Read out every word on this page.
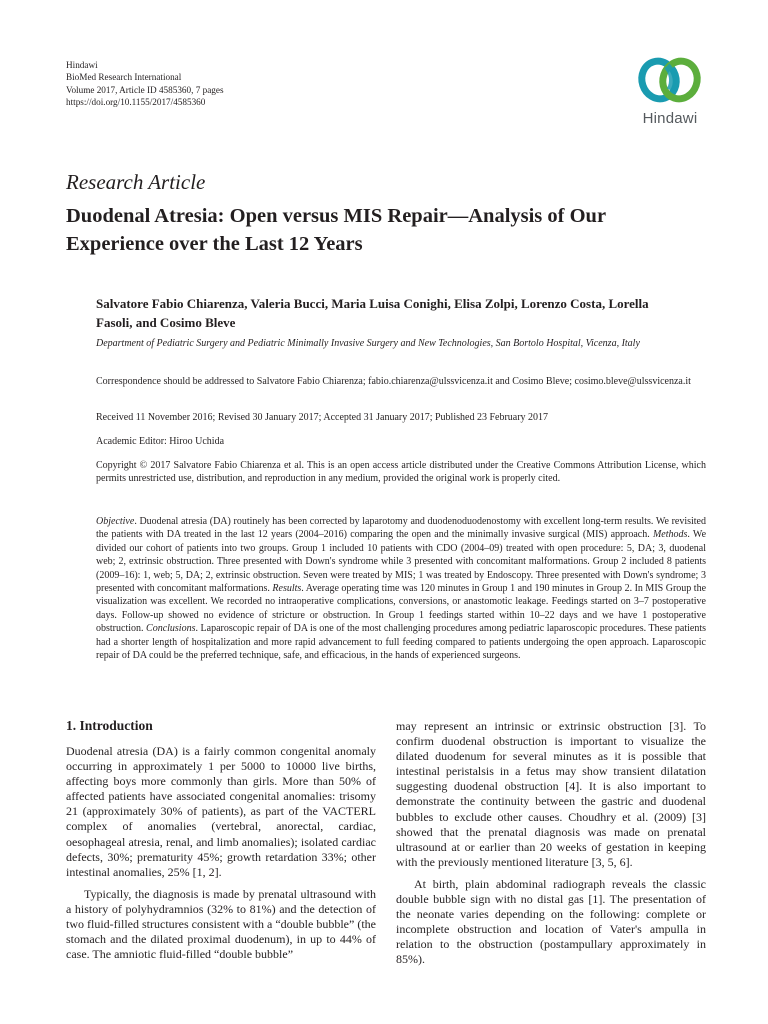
Hindawi
BioMed Research International
Volume 2017, Article ID 4585360, 7 pages
https://doi.org/10.1155/2017/4585360
Hindawi
Research Article
Duodenal Atresia: Open versus MIS Repair—Analysis of Our Experience over the Last 12 Years
Salvatore Fabio Chiarenza, Valeria Bucci, Maria Luisa Conighi, Elisa Zolpi, Lorenzo Costa, Lorella Fasoli, and Cosimo Bleve
Department of Pediatric Surgery and Pediatric Minimally Invasive Surgery and New Technologies, San Bortolo Hospital, Vicenza, Italy
Correspondence should be addressed to Salvatore Fabio Chiarenza; fabio.chiarenza@ulssvicenza.it and Cosimo Bleve; cosimo.bleve@ulssvicenza.it
Received 11 November 2016; Revised 30 January 2017; Accepted 31 January 2017; Published 23 February 2017
Academic Editor: Hiroo Uchida
Copyright © 2017 Salvatore Fabio Chiarenza et al. This is an open access article distributed under the Creative Commons Attribution License, which permits unrestricted use, distribution, and reproduction in any medium, provided the original work is properly cited.
Objective. Duodenal atresia (DA) routinely has been corrected by laparotomy and duodenoduodenostomy with excellent long-term results. We revisited the patients with DA treated in the last 12 years (2004–2016) comparing the open and the minimally invasive surgical (MIS) approach. Methods. We divided our cohort of patients into two groups. Group 1 included 10 patients with CDO (2004–09) treated with open procedure: 5, DA; 3, duodenal web; 2, extrinsic obstruction. Three presented with Down's syndrome while 3 presented with concomitant malformations. Group 2 included 8 patients (2009–16): 1, web; 5, DA; 2, extrinsic obstruction. Seven were treated by MIS; 1 was treated by Endoscopy. Three presented with Down's syndrome; 3 presented with concomitant malformations. Results. Average operating time was 120 minutes in Group 1 and 190 minutes in Group 2. In MIS Group the visualization was excellent. We recorded no intraoperative complications, conversions, or anastomotic leakage. Feedings started on 3–7 postoperative days. Follow-up showed no evidence of stricture or obstruction. In Group 1 feedings started within 10–22 days and we have 1 postoperative obstruction. Conclusions. Laparoscopic repair of DA is one of the most challenging procedures among pediatric laparoscopic procedures. These patients had a shorter length of hospitalization and more rapid advancement to full feeding compared to patients undergoing the open approach. Laparoscopic repair of DA could be the preferred technique, safe, and efficacious, in the hands of experienced surgeons.
1. Introduction

Duodenal atresia (DA) is a fairly common congenital anomaly occurring in approximately 1 per 5000 to 10000 live births, affecting boys more commonly than girls. More than 50% of affected patients have associated congenital anomalies: trisomy 21 (approximately 30% of patients), as part of the VACTERL complex of anomalies (vertebral, anorectal, cardiac, oesophageal atresia, renal, and limb anomalies); isolated cardiac defects, 30%; prematurity 45%; growth retardation 33%; other intestinal anomalies, 25% [1, 2].

Typically, the diagnosis is made by prenatal ultrasound with a history of polyhydramnios (32% to 81%) and the detection of two fluid-filled structures consistent with a “double bubble” (the stomach and the dilated proximal duodenum), in up to 44% of case. The amniotic fluid-filled “double bubble”

may represent an intrinsic or extrinsic obstruction [3]. To confirm duodenal obstruction is important to visualize the dilated duodenum for several minutes as it is possible that intestinal peristalsis in a fetus may show transient dilatation suggesting duodenal obstruction [4]. It is also important to demonstrate the continuity between the gastric and duodenal bubbles to exclude other causes. Choudhry et al. (2009) [3] showed that the prenatal diagnosis was made on prenatal ultrasound at or earlier than 20 weeks of gestation in keeping with the previously mentioned literature [3, 5, 6].

At birth, plain abdominal radiograph reveals the classic double bubble sign with no distal gas [1]. The presentation of the neonate varies depending on the following: complete or incomplete obstruction and location of Vater's ampulla in relation to the obstruction (postampullary approximately in 85%).
